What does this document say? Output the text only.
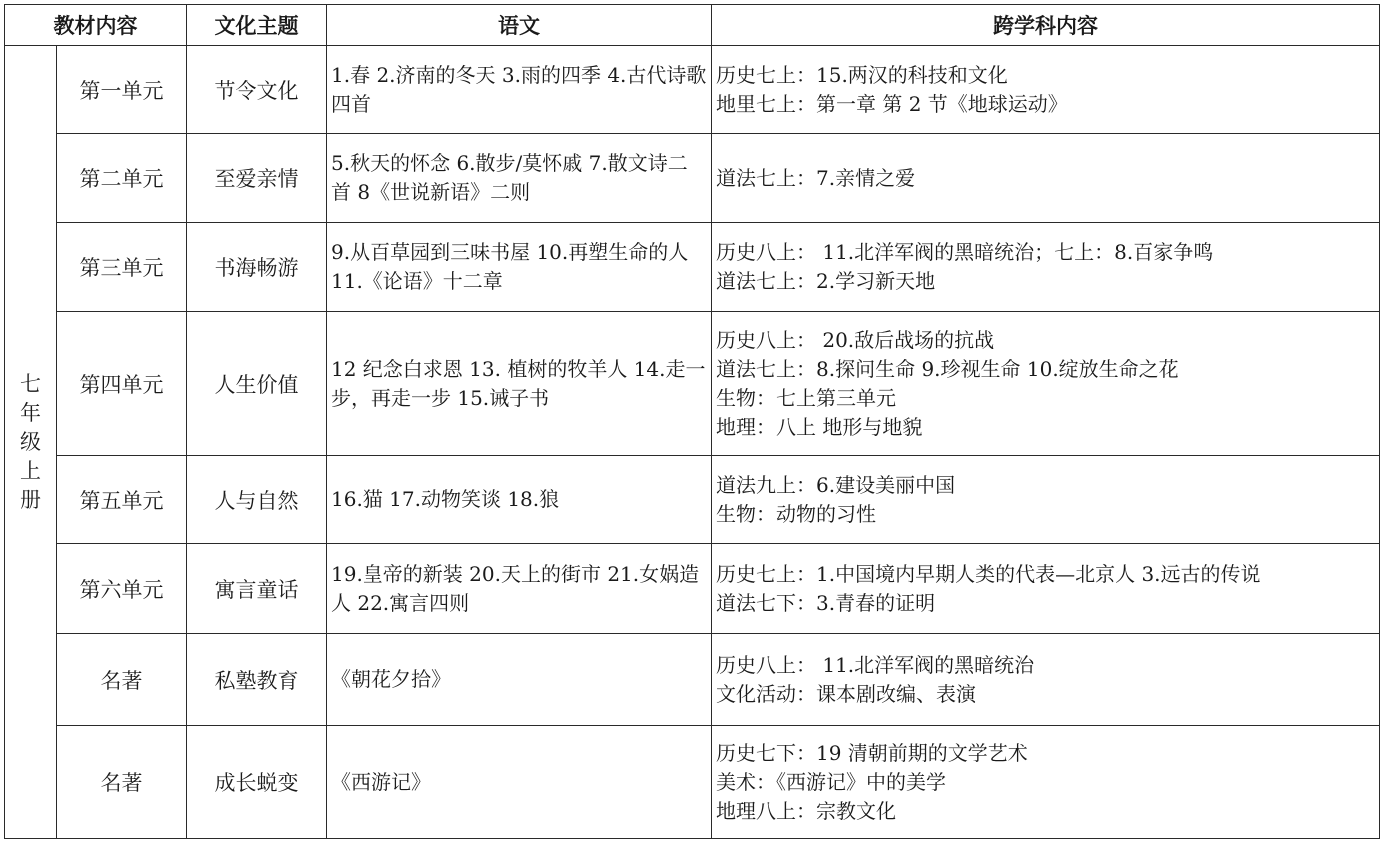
教材内容		文化主题	语文	跨学科内容
七年级上册	第一单元	节令文化	1.春 2.济南的冬天 3.雨的四季 4.古代诗歌四首	历史七上：15.两汉的科技和文化
地里七上：第一章 第 2 节《地球运动》

	第二单元	至爱亲情	5.秋天的怀念 6.散步/莫怀戚 7.散文诗二首 8《世说新语》二则	道法七上：7.亲情之爱

	第三单元	书海畅游	9.从百草园到三味书屋 10.再塑生命的人 11.《论语》十二章	历史八上： 11.北洋军阀的黑暗统治；七上：8.百家争鸣
道法七上：2.学习新天地

	第四单元	人生价值	12 纪念白求恩 13. 植树的牧羊人 14.走一步，再走一步 15.诫子书	历史八上： 20.敌后战场的抗战
道法七上：8.探问生命 9.珍视生命 10.绽放生命之花
生物：七上第三单元
地理：八上 地形与地貌

	第五单元	人与自然	16.猫 17.动物笑谈 18.狼	道法九上：6.建设美丽中国
生物：动物的习性

	第六单元	寓言童话	19.皇帝的新装 20.天上的街市 21.女娲造人 22.寓言四则	历史七上：1.中国境内早期人类的代表—北京人 3.远古的传说
道法七下：3.青春的证明

	名著	私塾教育	《朝花夕拾》	历史八上： 11.北洋军阀的黑暗统治
文化活动：课本剧改编、表演

	名著	成长蜕变	《西游记》	历史七下：19 清朝前期的文学艺术
美术：《西游记》中的美学
地理八上：宗教文化
